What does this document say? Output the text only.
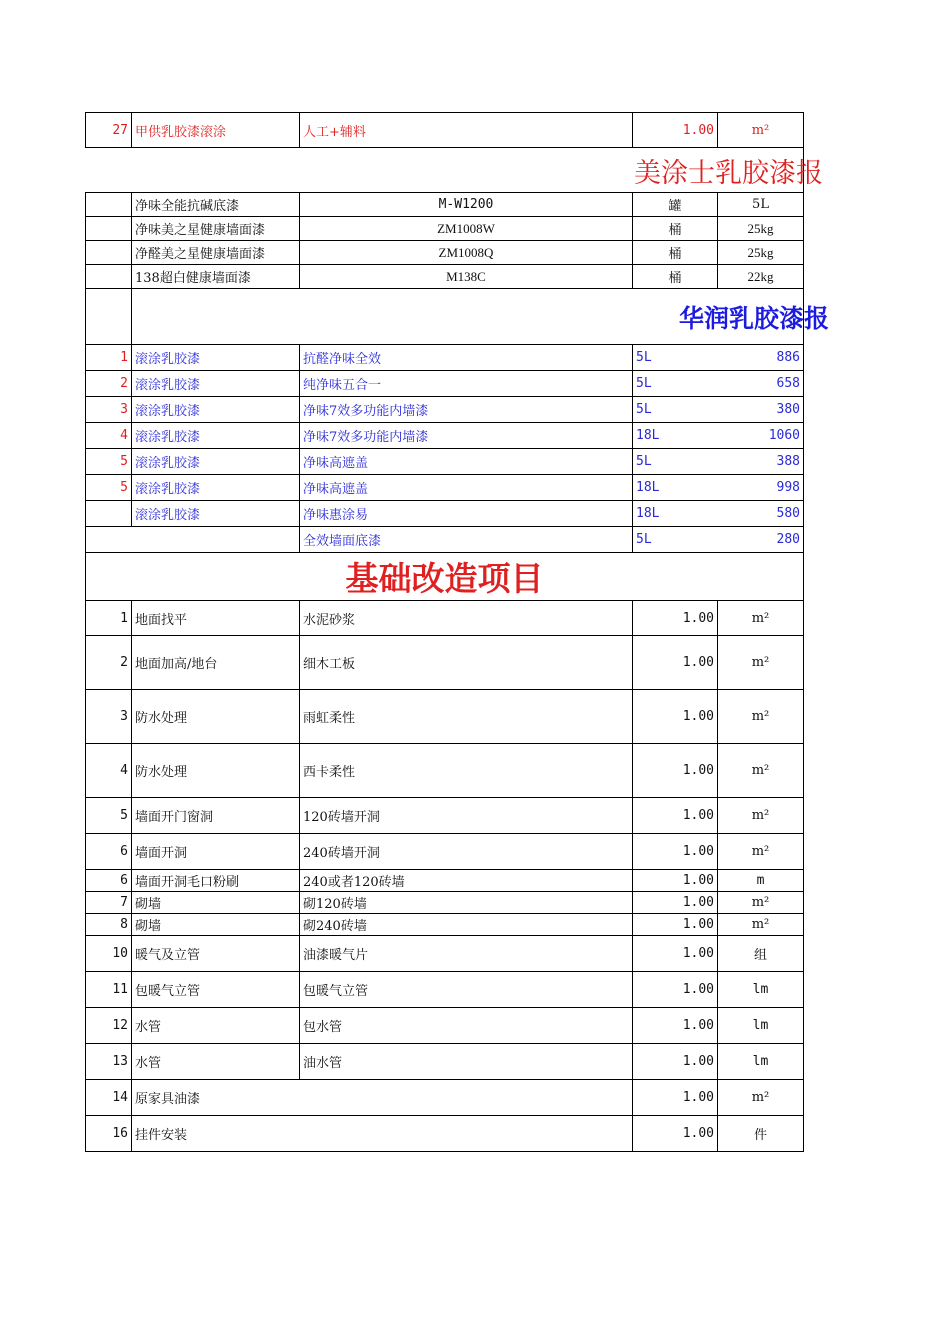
27	甲供乳胶漆滚涂	人工+辅料	1.00	m²
美涂士乳胶漆报				
	净味全能抗碱底漆	M-W1200	罐	5L
	净味美之星健康墙面漆	ZM1008W	桶	25kg
	净醛美之星健康墙面漆	ZM1008Q	桶	25kg
	138超白健康墙面漆	M138C	桶	22kg
	华润乳胶漆报			
1	滚涂乳胶漆	抗醛净味全效	5L	886
2	滚涂乳胶漆	纯净味五合一	5L	658
3	滚涂乳胶漆	净味7效多功能内墙漆	5L	380
4	滚涂乳胶漆	净味7效多功能内墙漆	18L	1060
5	滚涂乳胶漆	净味高遮盖	5L	388
5	滚涂乳胶漆	净味高遮盖	18L	998
	滚涂乳胶漆	净味惠涂易	18L	580
		全效墙面底漆	5L	280
基础改造项目				
1	地面找平	水泥砂浆	1.00	m²
2	地面加高/地台	细木工板	1.00	m²
3	防水处理	雨虹柔性	1.00	m²
4	防水处理	西卡柔性	1.00	m²
5	墙面开门窗洞	120砖墙开洞	1.00	m²
6	墙面开洞	240砖墙开洞	1.00	m²
6	墙面开洞毛口粉刷	240或者120砖墙	1.00	m
7	砌墙	砌120砖墙	1.00	m²
8	砌墙	砌240砖墙	1.00	m²
10	暖气及立管	油漆暖气片	1.00	组
11	包暖气立管	包暖气立管	1.00	lm
12	水管	包水管	1.00	lm
13	水管	油水管	1.00	lm
14	原家具油漆		1.00	m²
16	挂件安装		1.00	件
